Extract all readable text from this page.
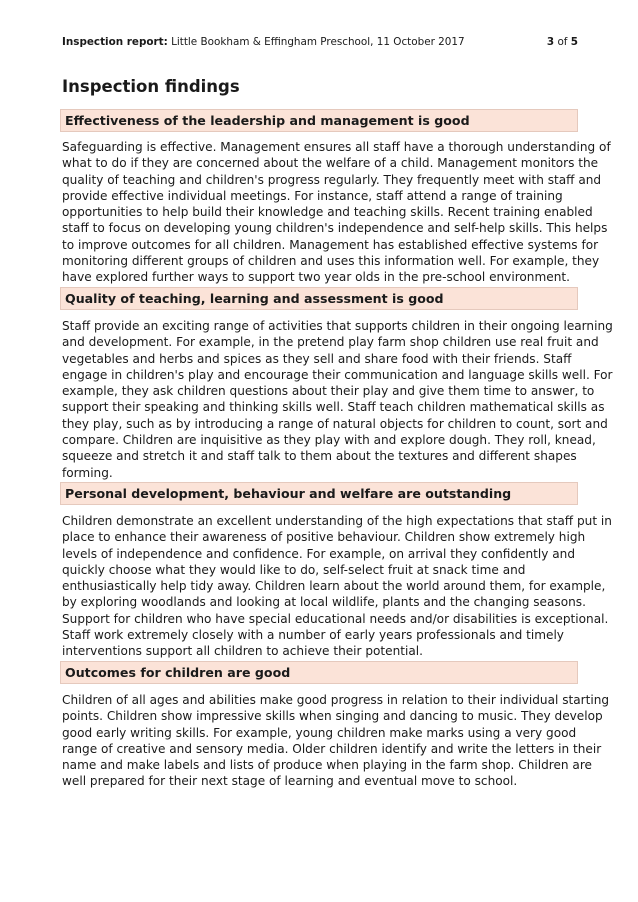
Inspection report: Little Bookham & Effingham Preschool, 11 October 2017	3 of 5
Inspection findings
Effectiveness of the leadership and management is good
Safeguarding is effective. Management ensures all staff have a thorough understanding of
what to do if they are concerned about the welfare of a child. Management monitors the
quality of teaching and children's progress regularly. They frequently meet with staff and
provide effective individual meetings. For instance, staff attend a range of training
opportunities to help build their knowledge and teaching skills. Recent training enabled
staff to focus on developing young children's independence and self-help skills. This helps
to improve outcomes for all children. Management has established effective systems for
monitoring different groups of children and uses this information well. For example, they
have explored further ways to support two year olds in the pre-school environment.
Quality of teaching, learning and assessment is good
Staff provide an exciting range of activities that supports children in their ongoing learning
and development. For example, in the pretend play farm shop children use real fruit and
vegetables and herbs and spices as they sell and share food with their friends. Staff
engage in children's play and encourage their communication and language skills well. For
example, they ask children questions about their play and give them time to answer, to
support their speaking and thinking skills well. Staff teach children mathematical skills as
they play, such as by introducing a range of natural objects for children to count, sort and
compare. Children are inquisitive as they play with and explore dough. They roll, knead,
squeeze and stretch it and staff talk to them about the textures and different shapes
forming.
Personal development, behaviour and welfare are outstanding
Children demonstrate an excellent understanding of the high expectations that staff put in
place to enhance their awareness of positive behaviour. Children show extremely high
levels of independence and confidence. For example, on arrival they confidently and
quickly choose what they would like to do, self-select fruit at snack time and
enthusiastically help tidy away. Children learn about the world around them, for example,
by exploring woodlands and looking at local wildlife, plants and the changing seasons.
Support for children who have special educational needs and/or disabilities is exceptional.
Staff work extremely closely with a number of early years professionals and timely
interventions support all children to achieve their potential.
Outcomes for children are good
Children of all ages and abilities make good progress in relation to their individual starting
points. Children show impressive skills when singing and dancing to music. They develop
good early writing skills. For example, young children make marks using a very good
range of creative and sensory media. Older children identify and write the letters in their
name and make labels and lists of produce when playing in the farm shop. Children are
well prepared for their next stage of learning and eventual move to school.
